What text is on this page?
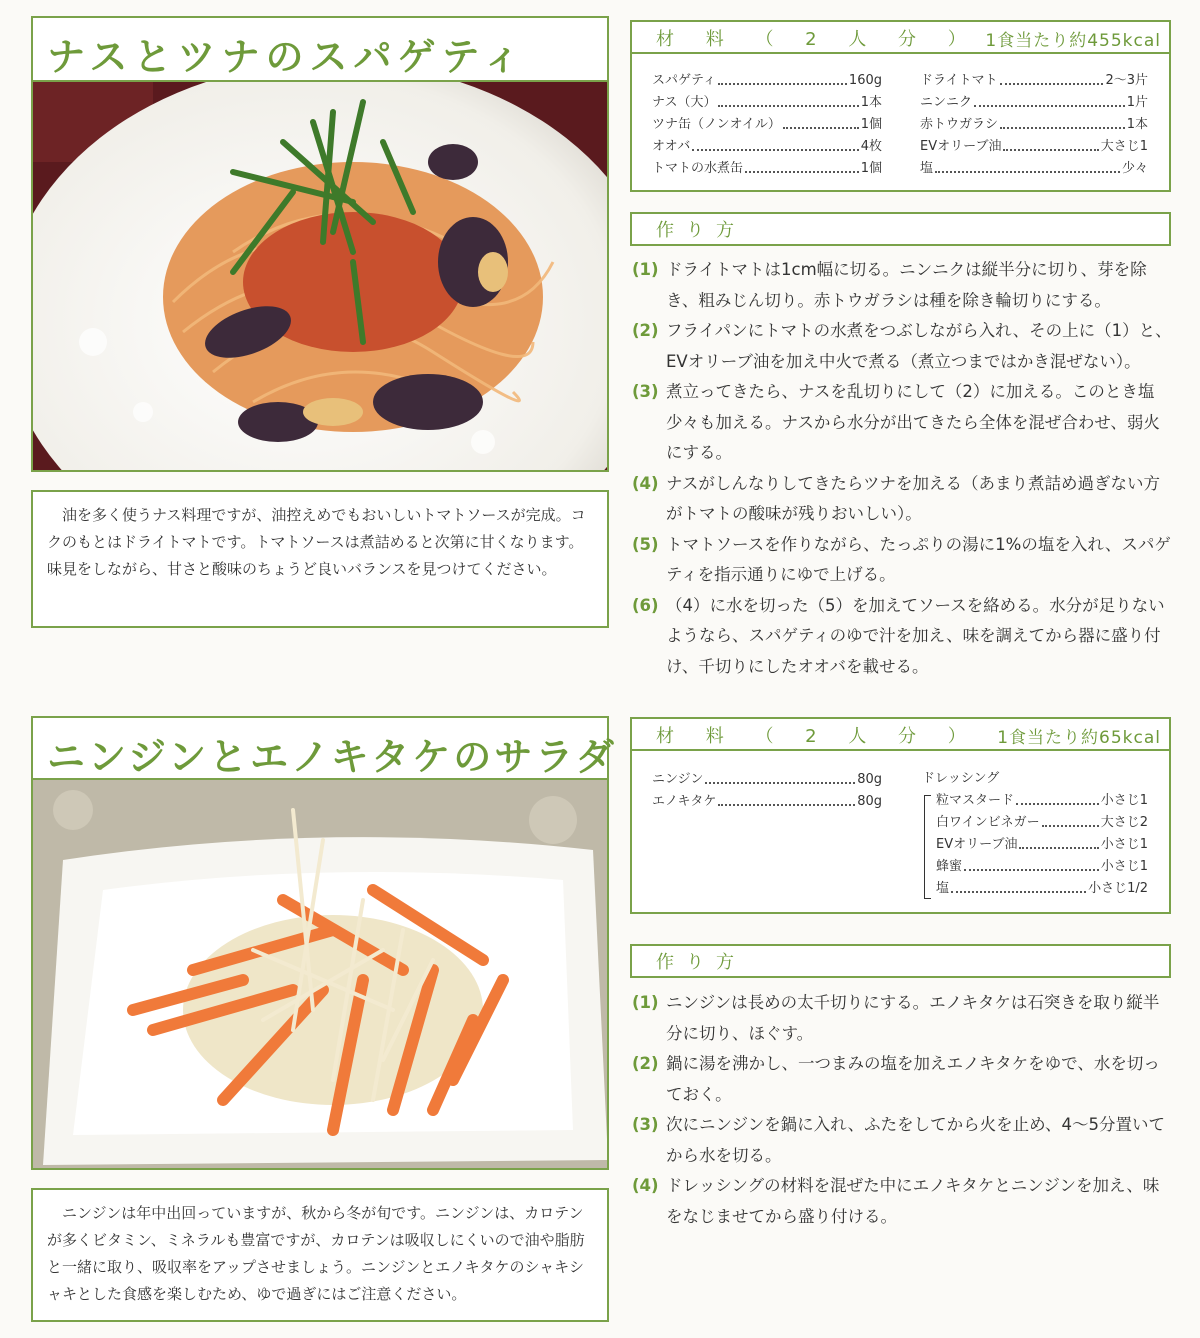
ナスとツナのスパゲティ
油を多く使うナス料理ですが、油控えめでもおいしいトマトソースが完成。コクのもとはドライトマトです。トマトソースは煮詰めると次第に甘くなります。味見をしながら、甘さと酸味のちょうど良いバランスを見つけてください。
材 料 （ 2 人 分 ） 1食当たり約455kcal
スパゲティ	160g
ナス（大）	1本
ツナ缶（ノンオイル）	1個
オオバ	4枚
トマトの水煮缶	1個
ドライトマト	2〜3片
ニンニク	1片
赤トウガラシ	1本
EVオリーブ油	大さじ1
塩	少々
作り方
(1) ドライトマトは1cm幅に切る。ニンニクは縦半分に切り、芽を除き、粗みじん切り。赤トウガラシは種を除き輪切りにする。
(2) フライパンにトマトの水煮をつぶしながら入れ、その上に（1）と、EVオリーブ油を加え中火で煮る（煮立つまではかき混ぜない）。
(3) 煮立ってきたら、ナスを乱切りにして（2）に加える。このとき塩少々も加える。ナスから水分が出てきたら全体を混ぜ合わせ、弱火にする。
(4) ナスがしんなりしてきたらツナを加える（あまり煮詰め過ぎない方がトマトの酸味が残りおいしい）。
(5) トマトソースを作りながら、たっぷりの湯に1%の塩を入れ、スパゲティを指示通りにゆで上げる。
(6) （4）に水を切った（5）を加えてソースを絡める。水分が足りないようなら、スパゲティのゆで汁を加え、味を調えてから器に盛り付け、千切りにしたオオバを載せる。
ニンジンとエノキタケのサラダ
ニンジンは年中出回っていますが、秋から冬が旬です。ニンジンは、カロテンが多くビタミン、ミネラルも豊富ですが、カロテンは吸収しにくいので油や脂肪と一緒に取り、吸収率をアップさせましょう。ニンジンとエノキタケのシャキシャキとした食感を楽しむため、ゆで過ぎにはご注意ください。
材 料 （ 2 人 分 ） 1食当たり約65kcal
ニンジン	80g
エノキタケ	80g
ドレッシング
粒マスタード	小さじ1
白ワインビネガー	大さじ2
EVオリーブ油	小さじ1
蜂蜜	小さじ1
塩	小さじ1/2
作り方
(1) ニンジンは長めの太千切りにする。エノキタケは石突きを取り縦半分に切り、ほぐす。
(2) 鍋に湯を沸かし、一つまみの塩を加えエノキタケをゆで、水を切っておく。
(3) 次にニンジンを鍋に入れ、ふたをしてから火を止め、4〜5分置いてから水を切る。
(4) ドレッシングの材料を混ぜた中にエノキタケとニンジンを加え、味をなじませてから盛り付ける。
